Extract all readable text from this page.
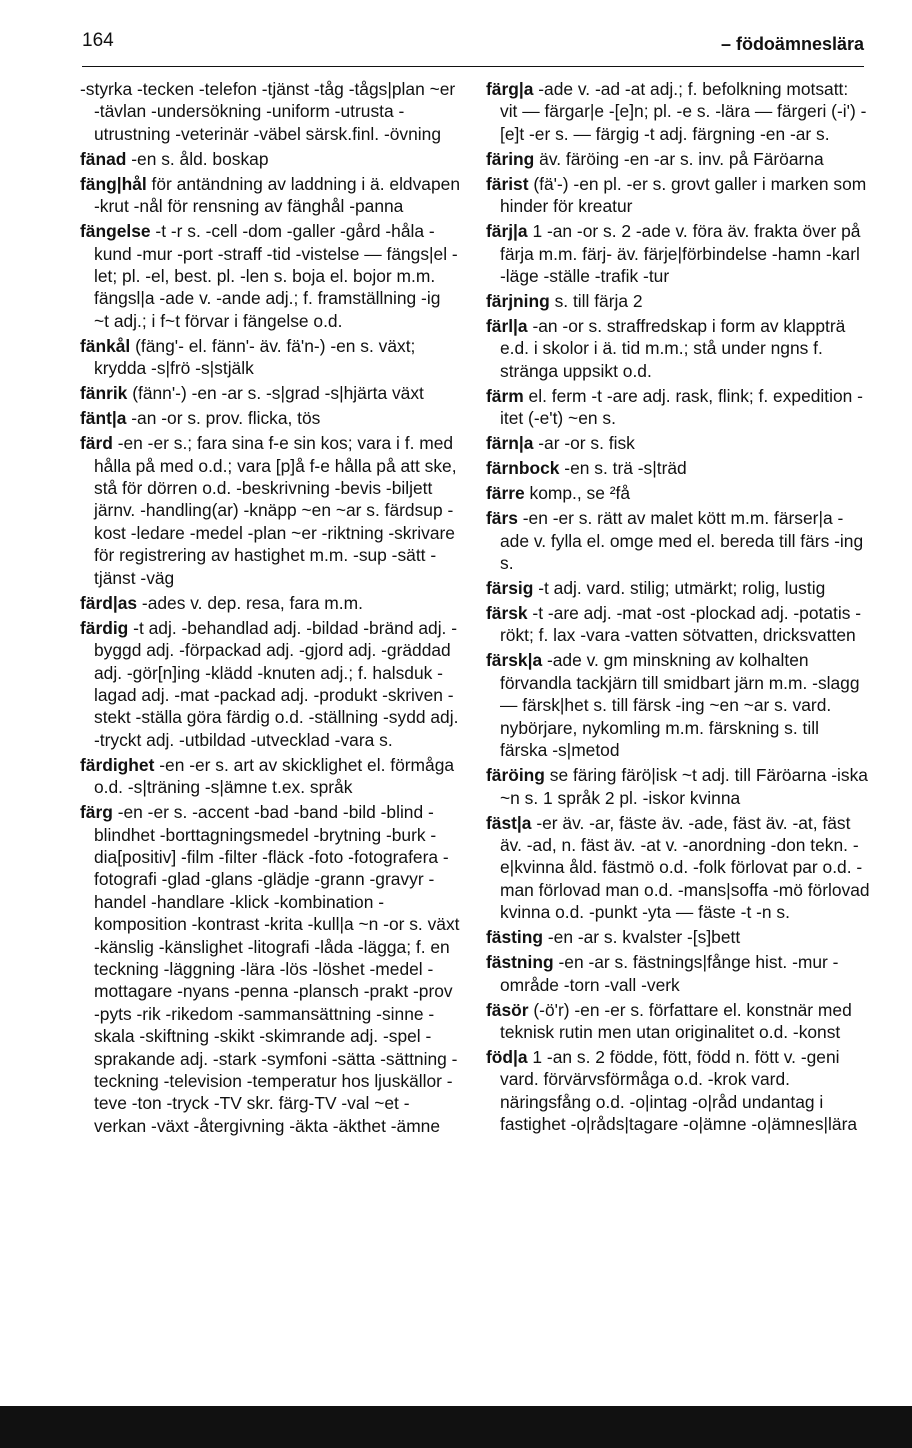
164	– födoämneslära

-styrka -tecken -telefon -tjänst -tåg -tågs|plan ~er -tävlan -undersökning -uniform -utrusta -utrustning -veterinär -väbel särsk.finl. -övning

fänad -en s. åld. boskap

fäng|hål för antändning av laddning i ä. eldvapen -krut -nål för rensning av fänghål -panna

fängelse -t -r s. -cell -dom -galler -gård -håla -kund -mur -port -straff -tid -vistelse — fängs|el -let; pl. -el, best. pl. -len s. boja el. bojor m.m. fängsl|a -ade v. -ande adj.; f. framställning -ig ~t adj.; i f~t förvar i fängelse o.d.

fänkål (fäng'- el. fänn'- äv. fä'n-) -en s. växt; krydda -s|frö -s|stjälk

fänrik (fänn'-) -en -ar s. -s|grad -s|hjärta växt

fänt|a -an -or s. prov. flicka, tös

färd -en -er s.; fara sina f-e sin kos; vara i f. med hålla på med o.d.; vara [p]å f-e hålla på att ske, stå för dörren o.d. -beskrivning -bevis -biljett järnv. -handling(ar) -knäpp ~en ~ar s. färdsup -kost -ledare -medel -plan ~er -riktning -skrivare för registrering av hastighet m.m. -sup -sätt -tjänst -väg

färd|as -ades v. dep. resa, fara m.m.

färdig -t adj. -behandlad adj. -bildad -bränd adj. -byggd adj. -förpackad adj. -gjord adj. -gräddad adj. -gör[n]ing -klädd -knuten adj.; f. halsduk -lagad adj. -mat -packad adj. -produkt -skriven -stekt -ställa göra färdig o.d. -ställning -sydd adj. -tryckt adj. -utbildad -utvecklad -vara s.

färdighet -en -er s. art av skicklighet el. förmåga o.d. -s|träning -s|ämne t.ex. språk

färg -en -er s. -accent -bad -band -bild -blind -blindhet -borttagningsmedel -brytning -burk -dia[positiv] -film -filter -fläck -foto -fotografera -fotografi -glad -glans -glädje -grann -gravyr -handel -handlare -klick -kombination -komposition -kontrast -krita -kull|a ~n -or s. växt -känslig -känslighet -litografi -låda -lägga; f. en teckning -läggning -lära -lös -löshet -medel -mottagare -nyans -penna -plansch -prakt -prov -pyts -rik -rikedom -sammansättning -sinne -skala -skiftning -skikt -skimrande adj. -spel -sprakande adj. -stark -symfoni -sätta -sättning -teckning -television -temperatur hos ljuskällor -teve -ton -tryck -TV skr. färg-TV -val ~et -verkan -växt -återgivning -äkta -äkthet -ämne

färg|a -ade v. -ad -at adj.; f. befolkning motsatt: vit — färgar|e -[e]n; pl. -e s. -lära — färgeri (-i') -[e]t -er s. — färgig -t adj. färgning -en -ar s.

färing äv. färöing -en -ar s. inv. på Färöarna

färist (fä'-) -en pl. -er s. grovt galler i marken som hinder för kreatur

färj|a 1 -an -or s. 2 -ade v. föra äv. frakta över på färja m.m. färj- äv. färje|förbindelse -hamn -karl -läge -ställe -trafik -tur

färjning s. till färja 2

färl|a -an -or s. straffredskap i form av klappträ e.d. i skolor i ä. tid m.m.; stå under ngns f. stränga uppsikt o.d.

färm el. ferm -t -are adj. rask, flink; f. expedition -itet (-e't) ~en s.

färn|a -ar -or s. fisk

färnbock -en s. trä -s|träd

färre komp., se ²få

färs -en -er s. rätt av malet kött m.m. färser|a -ade v. fylla el. omge med el. bereda till färs -ing s.

färsig -t adj. vard. stilig; utmärkt; rolig, lustig

färsk -t -are adj. -mat -ost -plockad adj. -potatis -rökt; f. lax -vara -vatten sötvatten, dricksvatten

färsk|a -ade v. gm minskning av kolhalten förvandla tackjärn till smidbart järn m.m. -slagg — färsk|het s. till färsk -ing ~en ~ar s. vard. nybörjare, nykomling m.m. färskning s. till färska -s|metod

färöing se färing färö|isk ~t adj. till Färöarna -iska ~n s. 1 språk 2 pl. -iskor kvinna

fäst|a -er äv. -ar, fäste äv. -ade, fäst äv. -at, fäst äv. -ad, n. fäst äv. -at v. -anordning -don tekn. -e|kvinna åld. fästmö o.d. -folk förlovat par o.d. -man förlovad man o.d. -mans|soffa -mö förlovad kvinna o.d. -punkt -yta — fäste -t -n s.

fästing -en -ar s. kvalster -[s]bett

fästning -en -ar s. fästnings|fånge hist. -mur -område -torn -vall -verk

fäsör (-ö'r) -en -er s. författare el. konstnär med teknisk rutin men utan originalitet o.d. -konst

föd|a 1 -an s. 2 födde, fött, född n. fött v. -geni vard. förvärvsförmåga o.d. -krok vard. näringsfång o.d. -o|intag -o|råd undantag i fastighet -o|råds|tagare -o|ämne -o|ämnes|lära
